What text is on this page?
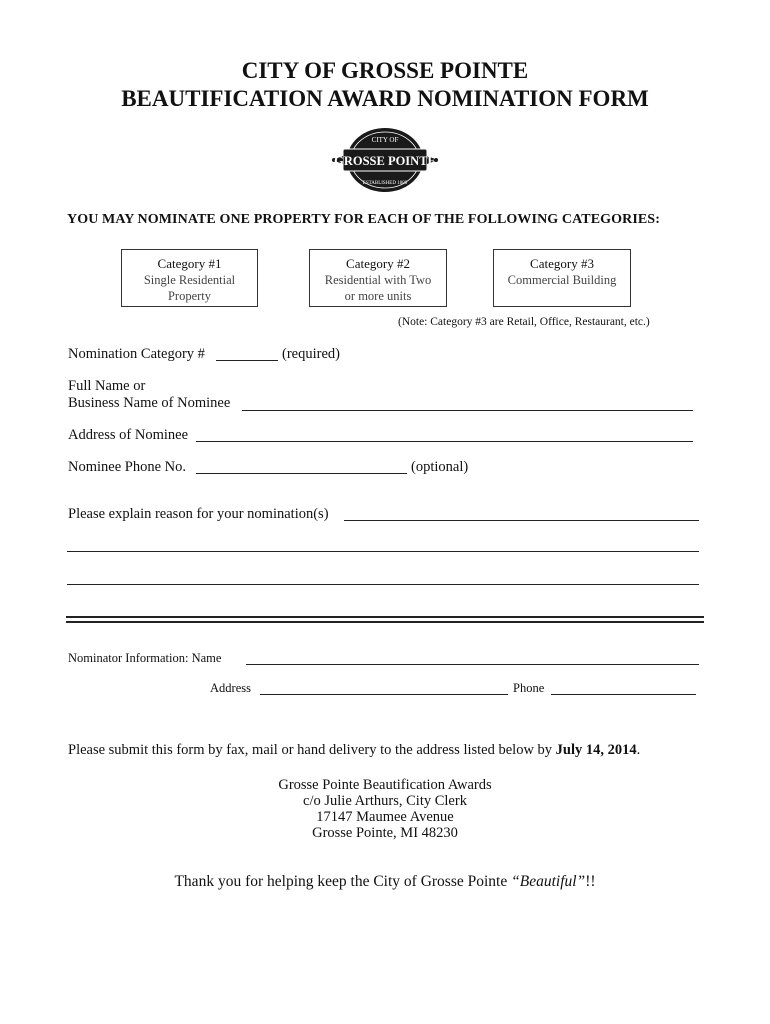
CITY OF GROSSE POINTE
BEAUTIFICATION AWARD NOMINATION FORM
CITY OF
GROSSE POINTE
ESTABLISHED 1880
YOU MAY NOMINATE ONE PROPERTY FOR EACH OF THE FOLLOWING CATEGORIES:
Category #1
Single Residential
Property
Category #2
Residential with Two
or more units
Category #3
Commercial Building
(Note: Category #3 are Retail, Office, Restaurant, etc.)
Nomination Category #	(required)
Full Name or
Business Name of Nominee
Address of Nominee
Nominee Phone No.	(optional)
Please explain reason for your nomination(s)
Nominator Information: Name
Address	Phone
Please submit this form by fax, mail or hand delivery to the address listed below by July 14, 2014.
Grosse Pointe Beautification Awards
c/o Julie Arthurs, City Clerk
17147 Maumee Avenue
Grosse Pointe, MI 48230
Thank you for helping keep the City of Grosse Pointe “Beautiful”!!
